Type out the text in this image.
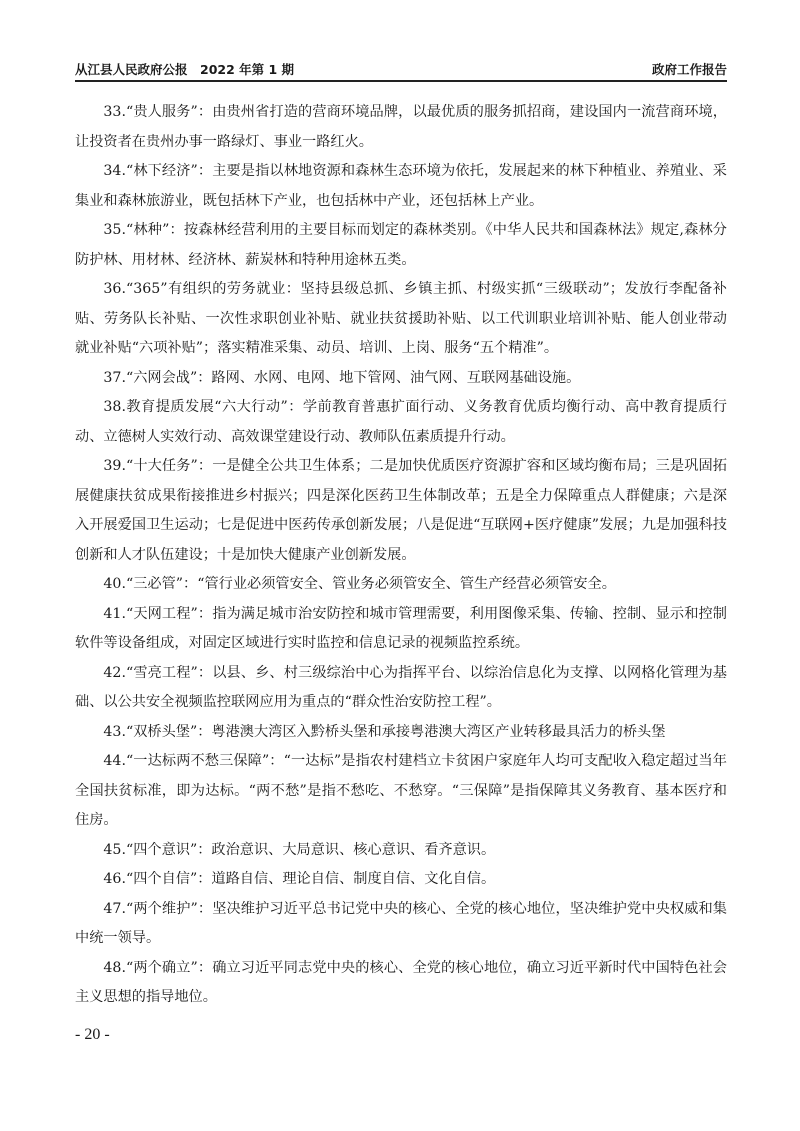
从江县人民政府公报　2022 年第 1 期	政府工作报告

33.“贵人服务”：由贵州省打造的营商环境品牌，以最优质的服务抓招商，建设国内一流营商环境，让投资者在贵州办事一路绿灯、事业一路红火。

34.“林下经济”：主要是指以林地资源和森林生态环境为依托，发展起来的林下种植业、养殖业、采集业和森林旅游业，既包括林下产业，也包括林中产业，还包括林上产业。

35.“林种”：按森林经营利用的主要目标而划定的森林类别。《中华人民共和国森林法》规定,森林分防护林、用材林、经济林、薪炭林和特种用途林五类。

36.“365”有组织的劳务就业：坚持县级总抓、乡镇主抓、村级实抓“三级联动”；发放行李配备补贴、劳务队长补贴、一次性求职创业补贴、就业扶贫援助补贴、以工代训职业培训补贴、能人创业带动就业补贴“六项补贴”；落实精准采集、动员、培训、上岗、服务“五个精准”。

37.“六网会战”：路网、水网、电网、地下管网、油气网、互联网基础设施。

38.教育提质发展“六大行动”：学前教育普惠扩面行动、义务教育优质均衡行动、高中教育提质行动、立德树人实效行动、高效课堂建设行动、教师队伍素质提升行动。

39.“十大任务”：一是健全公共卫生体系；二是加快优质医疗资源扩容和区域均衡布局；三是巩固拓展健康扶贫成果衔接推进乡村振兴；四是深化医药卫生体制改革；五是全力保障重点人群健康；六是深入开展爱国卫生运动；七是促进中医药传承创新发展；八是促进“互联网+医疗健康”发展；九是加强科技创新和人才队伍建设；十是加快大健康产业创新发展。

40.“三必管”：“管行业必须管安全、管业务必须管安全、管生产经营必须管安全。

41.“天网工程”：指为满足城市治安防控和城市管理需要，利用图像采集、传输、控制、显示和控制软件等设备组成，对固定区域进行实时监控和信息记录的视频监控系统。

42.“雪亮工程”：以县、乡、村三级综治中心为指挥平台、以综治信息化为支撑、以网格化管理为基础、以公共安全视频监控联网应用为重点的“群众性治安防控工程”。

43.“双桥头堡”：粤港澳大湾区入黔桥头堡和承接粤港澳大湾区产业转移最具活力的桥头堡

44.“一达标两不愁三保障”：“一达标”是指农村建档立卡贫困户家庭年人均可支配收入稳定超过当年全国扶贫标准，即为达标。“两不愁”是指不愁吃、不愁穿。“三保障”是指保障其义务教育、基本医疗和住房。

45.“四个意识”：政治意识、大局意识、核心意识、看齐意识。

46.“四个自信”：道路自信、理论自信、制度自信、文化自信。

47.“两个维护”：坚决维护习近平总书记党中央的核心、全党的核心地位，坚决维护党中央权威和集中统一领导。

48.“两个确立”：确立习近平同志党中央的核心、全党的核心地位，确立习近平新时代中国特色社会主义思想的指导地位。

- 20 -
